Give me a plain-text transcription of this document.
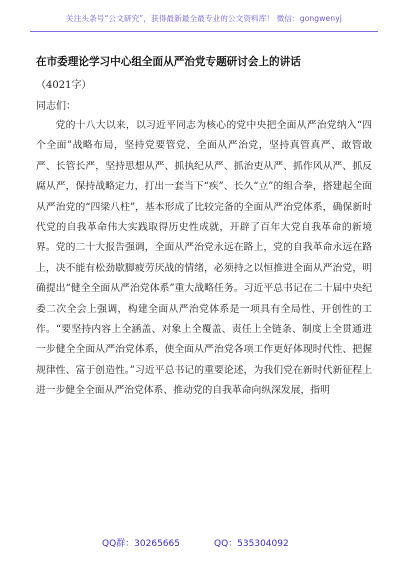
关注头条号“公文研究”，获得最新最全最专业的公文资料库！ 微信：gongwenyj
在市委理论学习中心组全面从严治党专题研讨会上的讲话
（4021字）
同志们：
党的十八大以来，以习近平同志为核心的党中央把全面从严治党纳入“四个全面”战略布局，坚持党要管党、全面从严治党，坚持真管真严、敢管敢严、长管长严，坚持思想从严、抓执纪从严、抓治吏从严、抓作风从严、抓反腐从严，保持战略定力，打出一套当下“疾”、长久“立”的组合拳，搭建起全面从严治党的“四梁八柱”，基本形成了比较完备的全面从严治党体系，确保新时代党的自我革命伟大实践取得历史性成就，开辟了百年大党自我革命的新境界。党的二十大报告强调，全面从严治党永远在路上，党的自我革命永远在路上，决不能有松劲歇脚疲劳厌战的情绪，必须持之以恒推进全面从严治党，明确提出“健全全面从严治党体系”重大战略任务。习近平总书记在二十届中央纪委二次全会上强调，构建全面从严治党体系是一项具有全局性、开创性的工作。“要坚持内容上全涵盖、对象上全覆盖、责任上全链条、制度上全贯通进一步健全全面从严治党体系，使全面从严治党各项工作更好体现时代性、把握规律性、富于创造性。”习近平总书记的重要论述，为我们党在新时代新征程上进一步健全全面从严治党体系、推动党的自我革命向纵深发展，指明
QQ群：30265665	QQ：535304092
